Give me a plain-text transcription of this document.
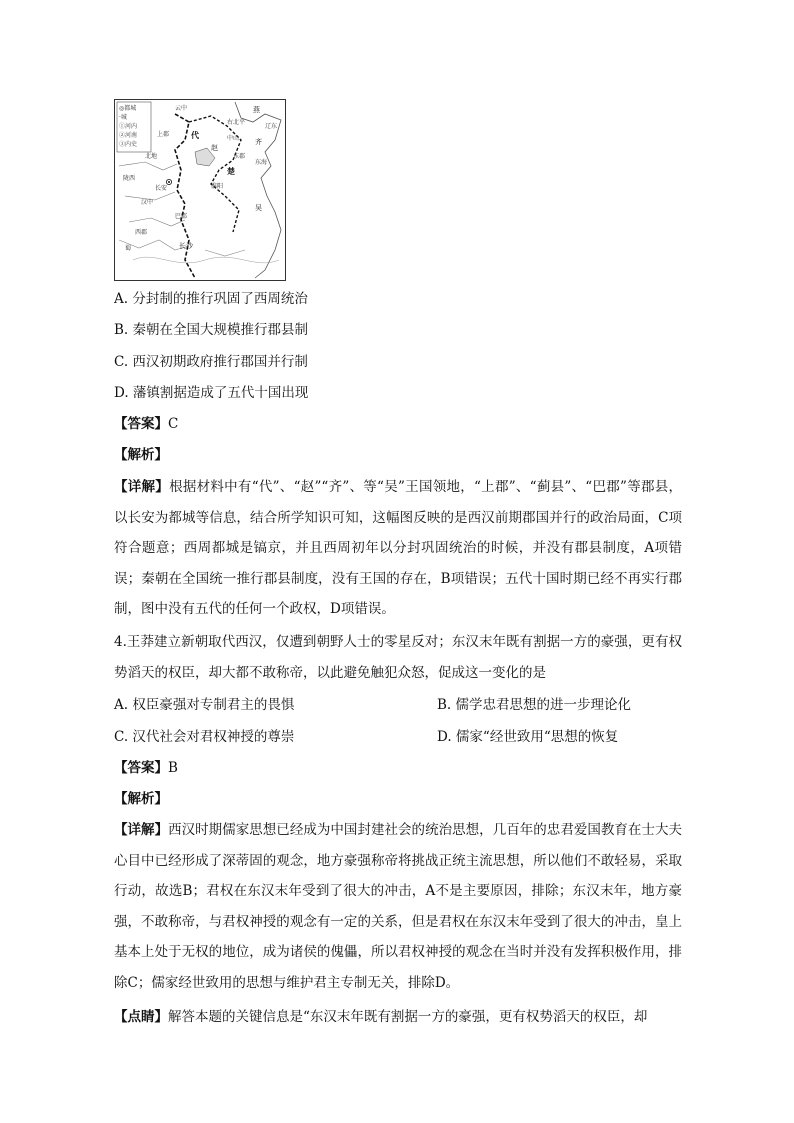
◎都城
·城
①河内
②河南
③内史
云中	燕
代
赵
上郡
北地
陇西
长安
汉中
淮阳
巴郡
西郡
楚
长沙
吴
齐
东海
辽东
右北平
中山
蜀
东郡
A. 分封制的推行巩固了西周统治
B. 秦朝在全国大规模推行郡县制
C. 西汉初期政府推行郡国并行制
D. 藩镇割据造成了五代十国出现
【答案】C
【解析】
【详解】根据材料中有“代”、“赵”“齐”、等“吴”王国领地，“上郡”、“蓟县”、“巴郡”等郡县，以长安为都城等信息，结合所学知识可知，这幅图反映的是西汉前期郡国并行的政治局面，C项符合题意；西周都城是镐京，并且西周初年以分封巩固统治的时候，并没有郡县制度，A项错误；秦朝在全国统一推行郡县制度，没有王国的存在，B项错误；五代十国时期已经不再实行郡制，图中没有五代的任何一个政权，D项错误。
4.王莽建立新朝取代西汉，仅遭到朝野人士的零星反对；东汉末年既有割据一方的豪强，更有权势滔天的权臣，却大都不敢称帝，以此避免触犯众怒，促成这一变化的是
A. 权臣豪强对专制君主的畏惧	B. 儒学忠君思想的进一步理论化
C. 汉代社会对君权神授的尊崇	D. 儒家“经世致用“思想的恢复
【答案】B
【解析】
【详解】西汉时期儒家思想已经成为中国封建社会的统治思想，几百年的忠君爱国教育在士大夫心目中已经形成了深蒂固的观念，地方豪强称帝将挑战正统主流思想，所以他们不敢轻易，采取行动，故选B；君权在东汉末年受到了很大的冲击，A不是主要原因，排除；东汉末年，地方豪强，不敢称帝，与君权神授的观念有一定的关系，但是君权在东汉末年受到了很大的冲击，皇上基本上处于无权的地位，成为诸侯的傀儡，所以君权神授的观念在当时并没有发挥积极作用，排除C；儒家经世致用的思想与维护君主专制无关，排除D。
【点睛】解答本题的关键信息是“东汉末年既有割据一方的豪强，更有权势滔天的权臣，却
